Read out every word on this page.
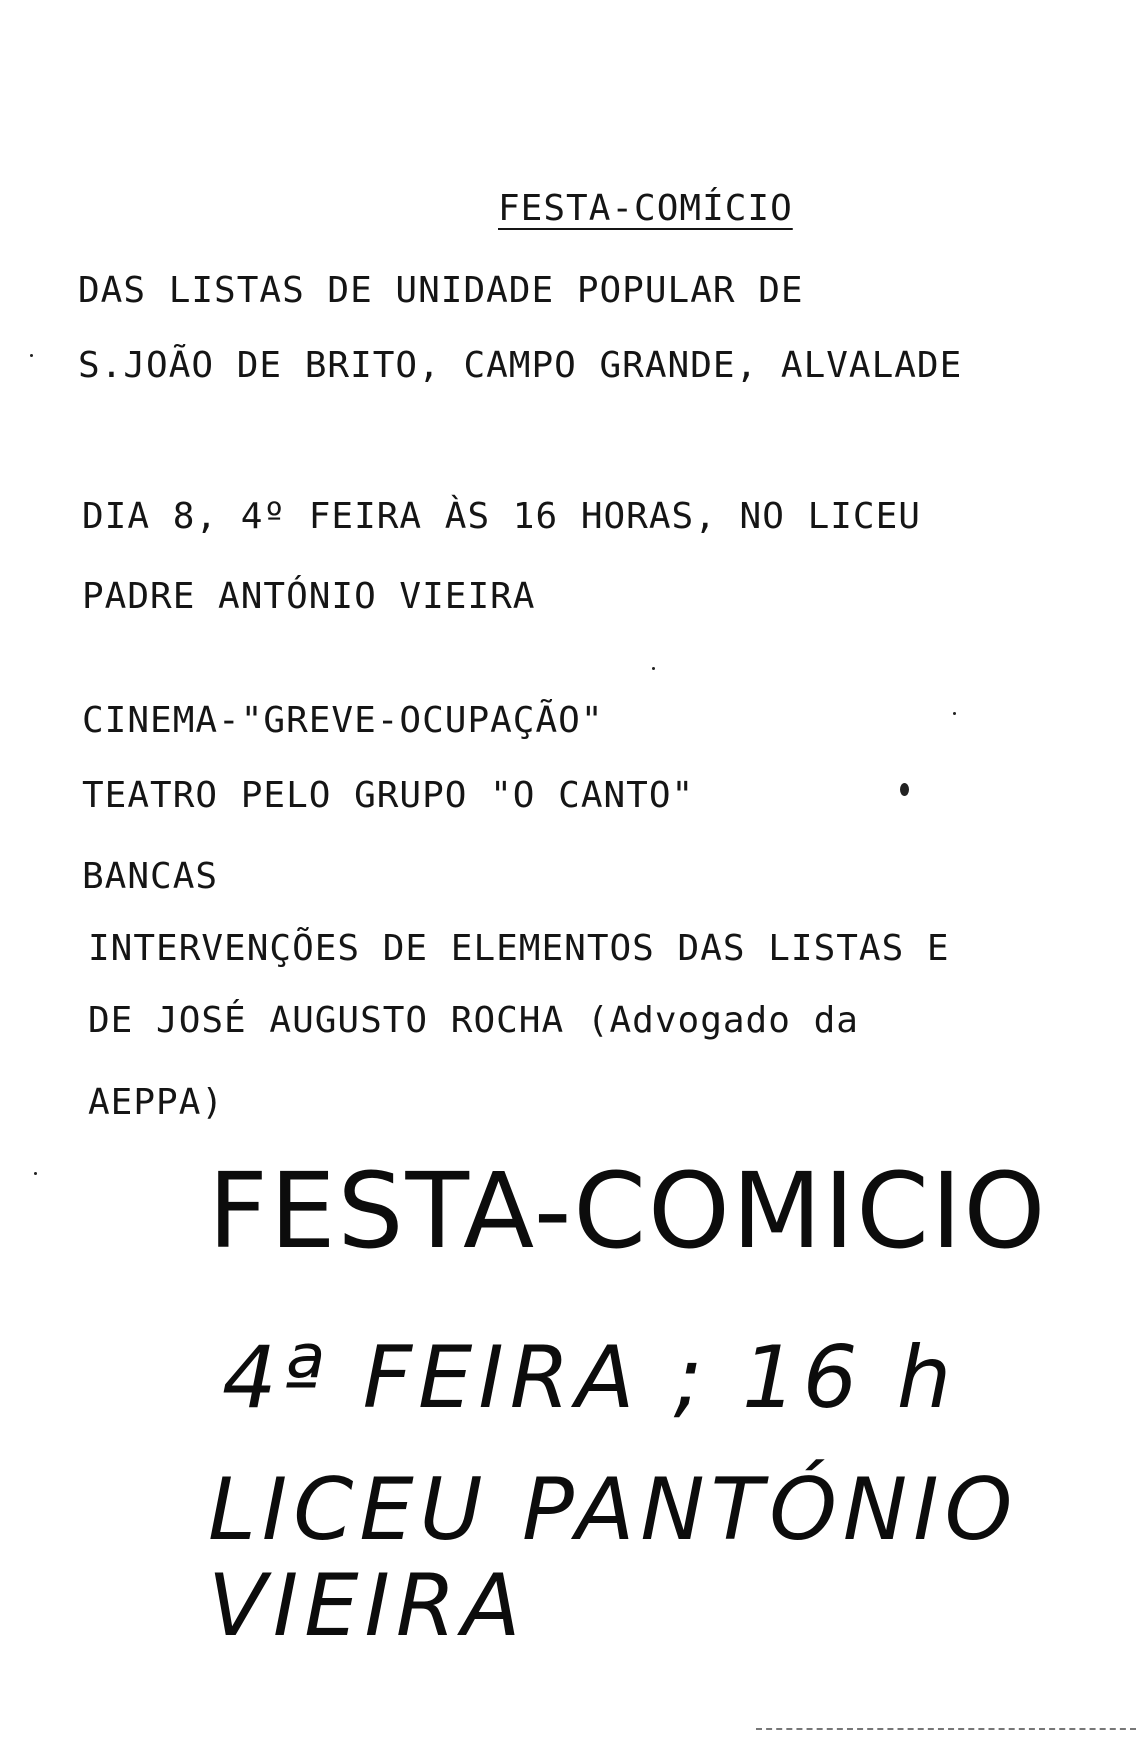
FESTA-COMÍCIO
DAS LISTAS DE UNIDADE POPULAR DE
S.JOÃO DE BRITO, CAMPO GRANDE, ALVALADE
DIA 8, 4º FEIRA ÀS 16 HORAS, NO LICEU
PADRE ANTÓNIO VIEIRA
CINEMA-"GREVE-OCUPAÇÃO"
TEATRO PELO GRUPO "O CANTO"
BANCAS
INTERVENÇÕES DE ELEMENTOS DAS LISTAS E
DE JOSÉ AUGUSTO ROCHA (Advogado da
AEPPA)
FESTA-COMICIO
4ª FEIRA ; 16 h
LICEU PANTÓNIO
VIEIRA
